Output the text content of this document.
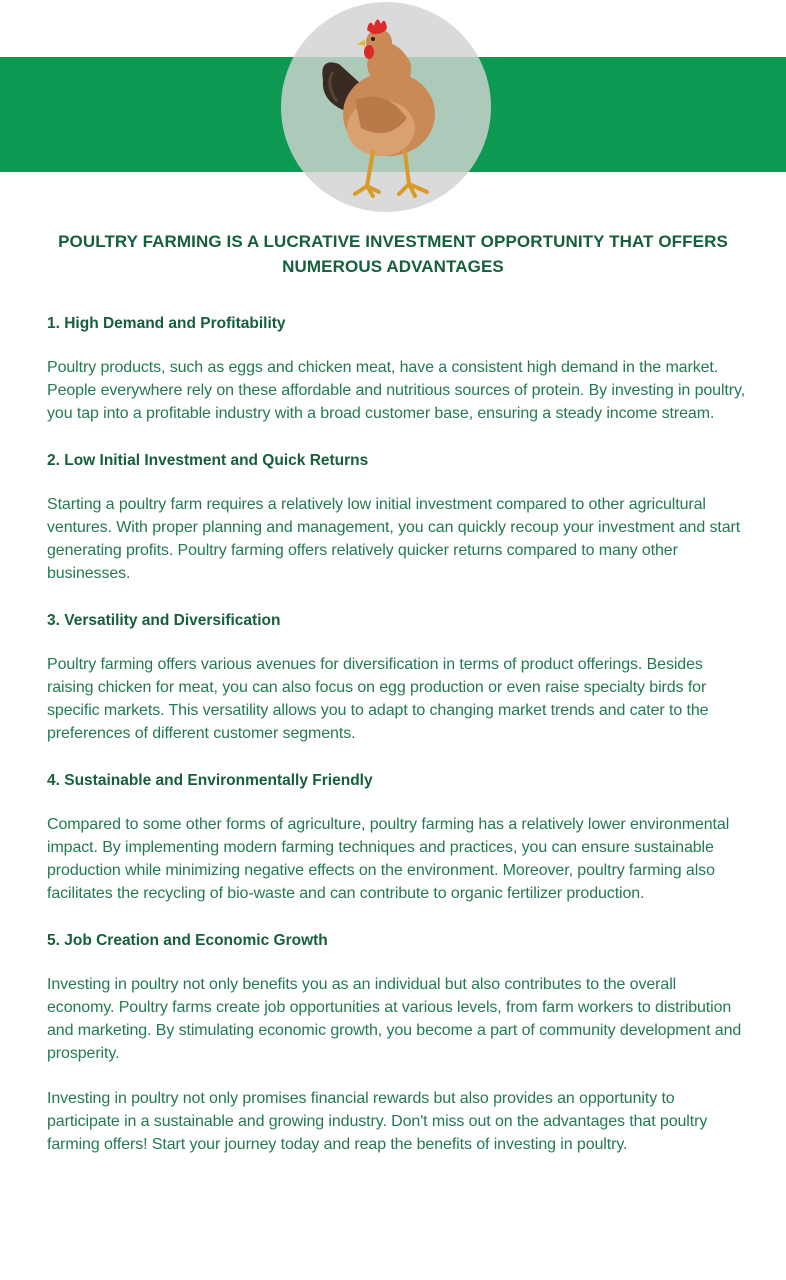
POULTRY FARMING IS A LUCRATIVE INVESTMENT OPPORTUNITY THAT OFFERS NUMEROUS ADVANTAGES
1. High Demand and Profitability

Poultry products, such as eggs and chicken meat, have a consistent high demand in the market. People everywhere rely on these affordable and nutritious sources of protein. By investing in poultry, you tap into a profitable industry with a broad customer base, ensuring a steady income stream.

2. Low Initial Investment and Quick Returns

Starting a poultry farm requires a relatively low initial investment compared to other agricultural ventures. With proper planning and management, you can quickly recoup your investment and start generating profits. Poultry farming offers relatively quicker returns compared to many other businesses.

3. Versatility and Diversification

Poultry farming offers various avenues for diversification in terms of product offerings. Besides raising chicken for meat, you can also focus on egg production or even raise specialty birds for specific markets. This versatility allows you to adapt to changing market trends and cater to the preferences of different customer segments.

4. Sustainable and Environmentally Friendly

Compared to some other forms of agriculture, poultry farming has a relatively lower environmental impact. By implementing modern farming techniques and practices, you can ensure sustainable production while minimizing negative effects on the environment. Moreover, poultry farming also facilitates the recycling of bio-waste and can contribute to organic fertilizer production.

5. Job Creation and Economic Growth

Investing in poultry not only benefits you as an individual but also contributes to the overall economy. Poultry farms create job opportunities at various levels, from farm workers to distribution and marketing. By stimulating economic growth, you become a part of community development and prosperity.

Investing in poultry not only promises financial rewards but also provides an opportunity to participate in a sustainable and growing industry. Don't miss out on the advantages that poultry farming offers! Start your journey today and reap the benefits of investing in poultry.
